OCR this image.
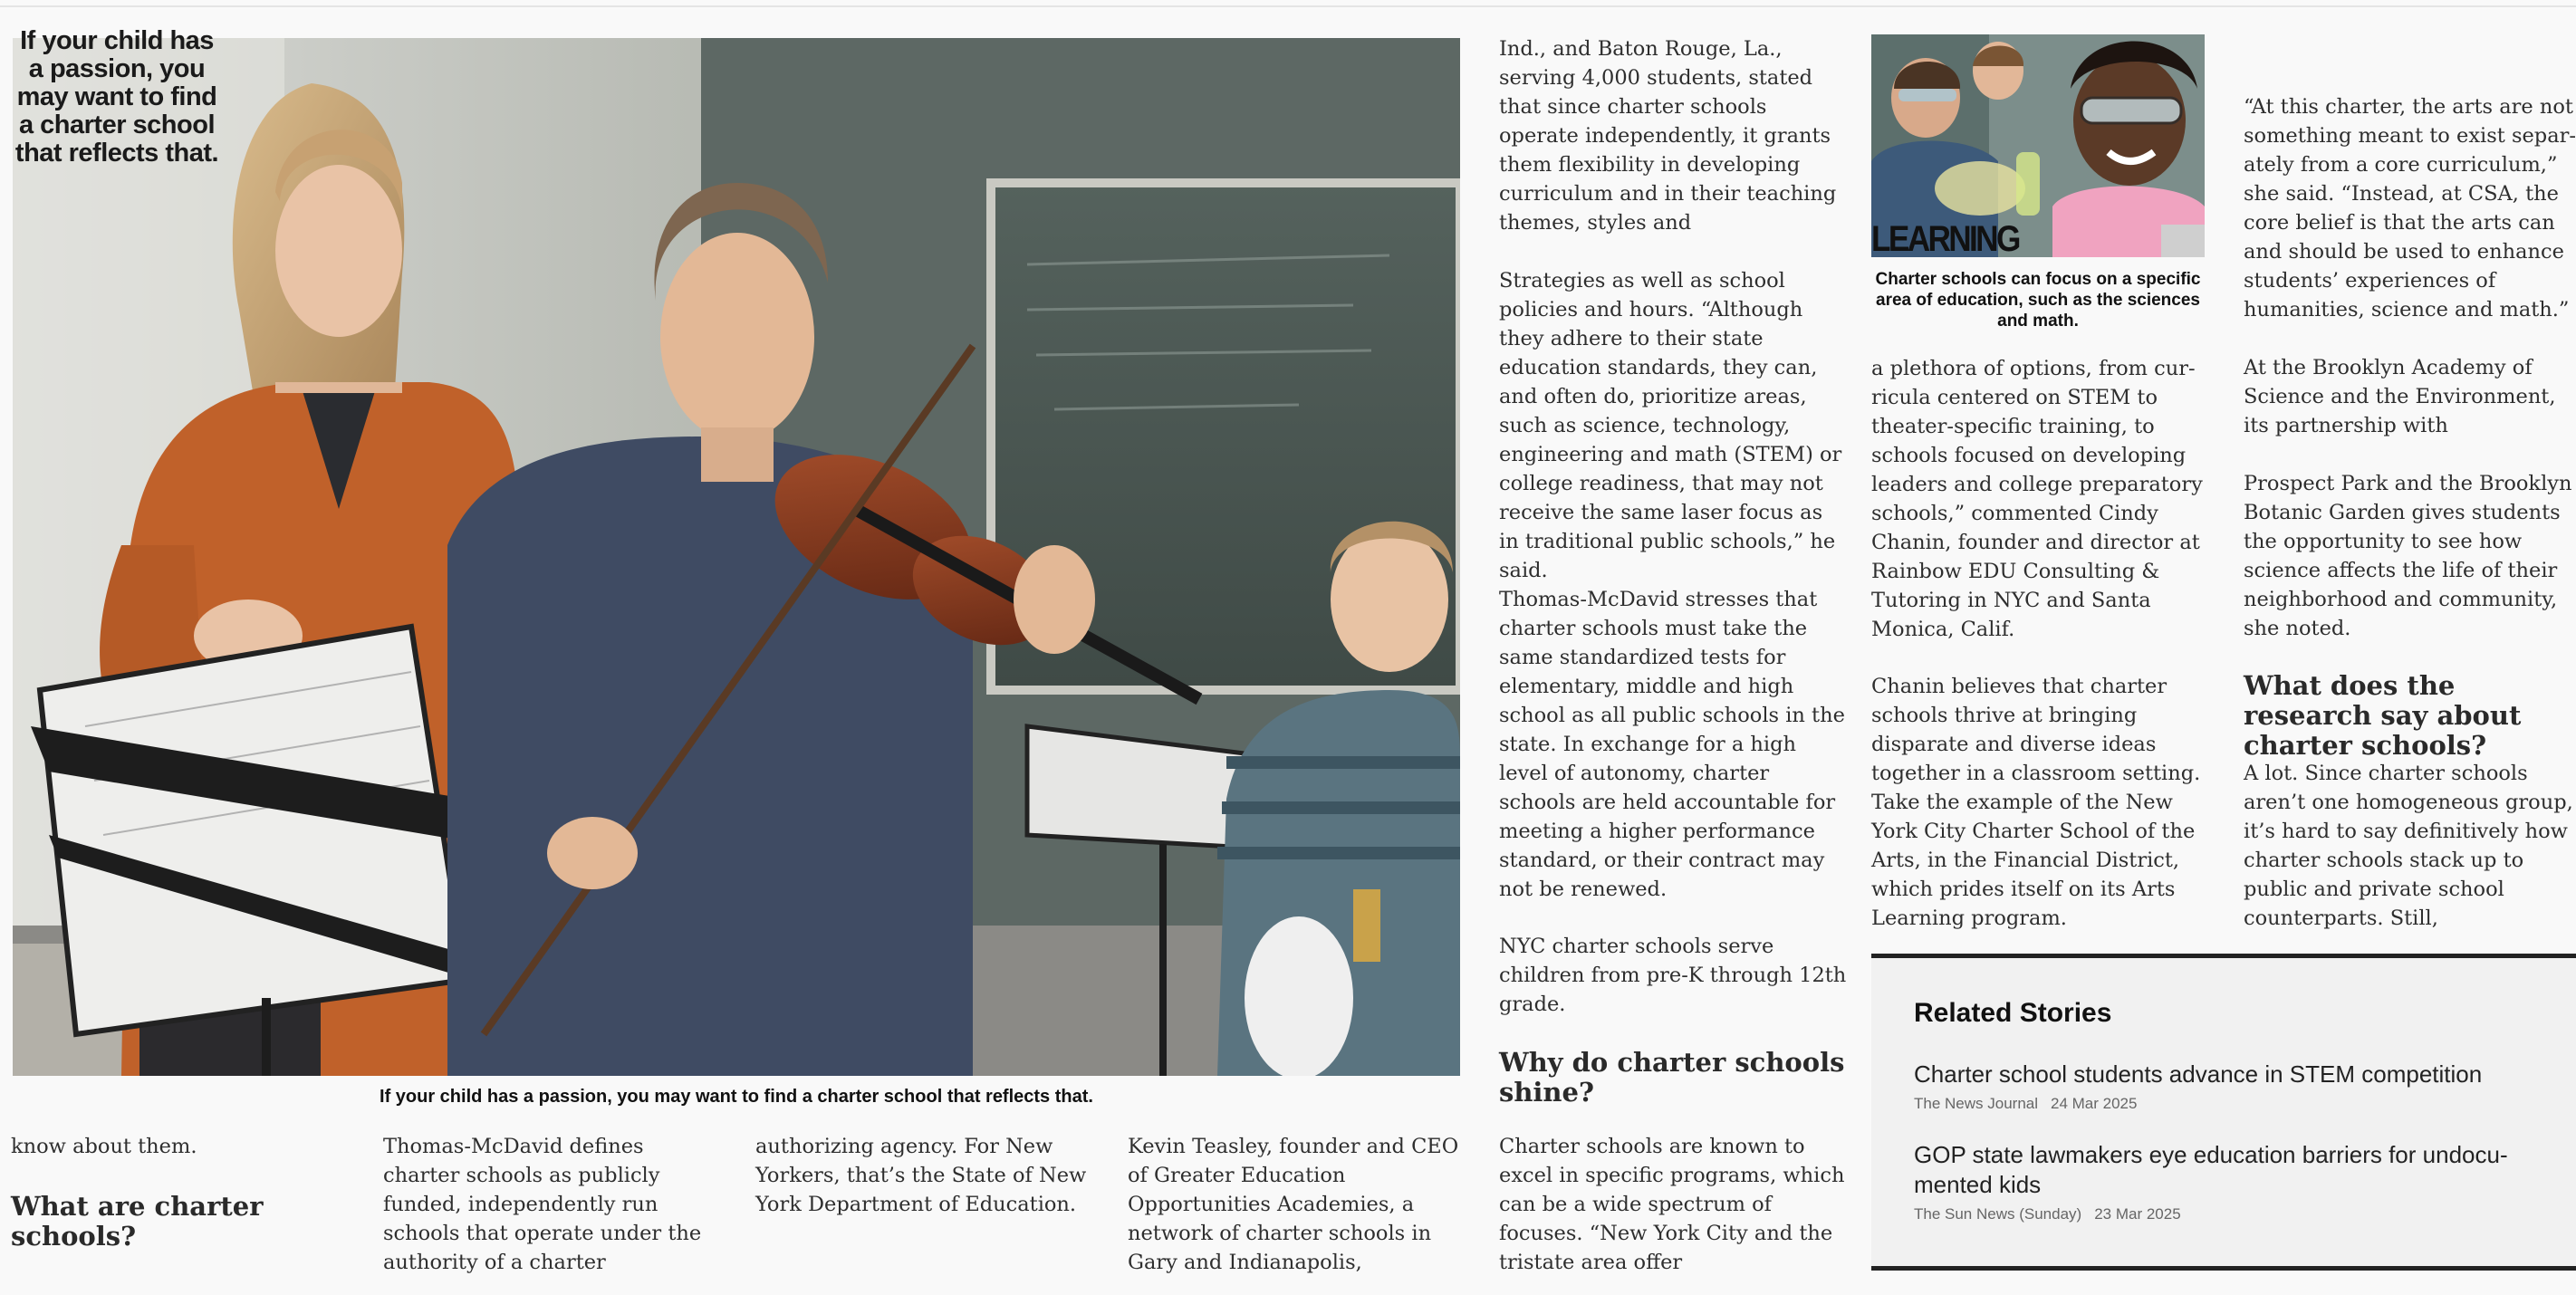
If your child has a passion, you may want to find a charter school that reflects that.
If your child has a passion, you may want to find a charter school that reflects that.

know about them.

What are charter schools?

Thomas-McDavid defines charter schools as publicly funded, independently run schools that operate under the authority of a charter

authorizing agency. For New Yorkers, that’s the State of New York Department of Education.

Kevin Teasley, founder and CEO of Greater Education Opportunities Academies, a network of charter schools in Gary and Indianapolis,

Ind., and Baton Rouge, La., serving 4,000 students, stated that since charter schools operate independently, it grants them flexibility in developing curriculum and in their teaching themes, styles and

Strategies as well as school policies and hours. “Although they adhere to their state education standards, they can, and often do, prioritize areas, such as science, technology, engineering and math (STEM) or college readiness, that may not receive the same laser focus as in traditional public schools,” he said.

Thomas-McDavid stresses that charter schools must take the same standardized tests for elementary, middle and high school as all public schools in the state. In exchange for a high level of autonomy, charter schools are held accountable for meeting a higher performance standard, or their contract may not be renewed.

NYC charter schools serve children from pre-K through 12th grade.

Why do charter schools shine?

Charter schools are known to excel in specific programs, which can be a wide spectrum of focuses. “New York City and the tristate area offer

LEARNING
Charter schools can focus on a specific area of education, such as the sciences and math.

a plethora of options, from curricula centered on STEM to theater-specific training, to schools focused on developing leaders and college preparatory schools,” commented Cindy Chanin, founder and director at Rainbow EDU Consulting & Tutoring in NYC and Santa Monica, Calif.

Chanin believes that charter schools thrive at bringing disparate and diverse ideas together in a classroom setting. Take the example of the New York City Charter School of the Arts, in the Financial District, which prides itself on its Arts Learning program.

“At this charter, the arts are not something meant to exist separately from a core curriculum,” she said. “Instead, at CSA, the core belief is that the arts can and should be used to enhance students’ experiences of humanities, science and math.”

At the Brooklyn Academy of Science and the Environment, its partnership with

Prospect Park and the Brooklyn Botanic Garden gives students the opportunity to see how science affects the life of their neighborhood and community, she noted.

What does the research say about charter schools?

A lot. Since charter schools aren’t one homogeneous group, it’s hard to say definitively how charter schools stack up to public and private school counterparts. Still,

Related Stories
Charter school students advance in STEM competition
The News Journal 24 Mar 2025
GOP state lawmakers eye education barriers for undocumented kids
The Sun News (Sunday) 23 Mar 2025
